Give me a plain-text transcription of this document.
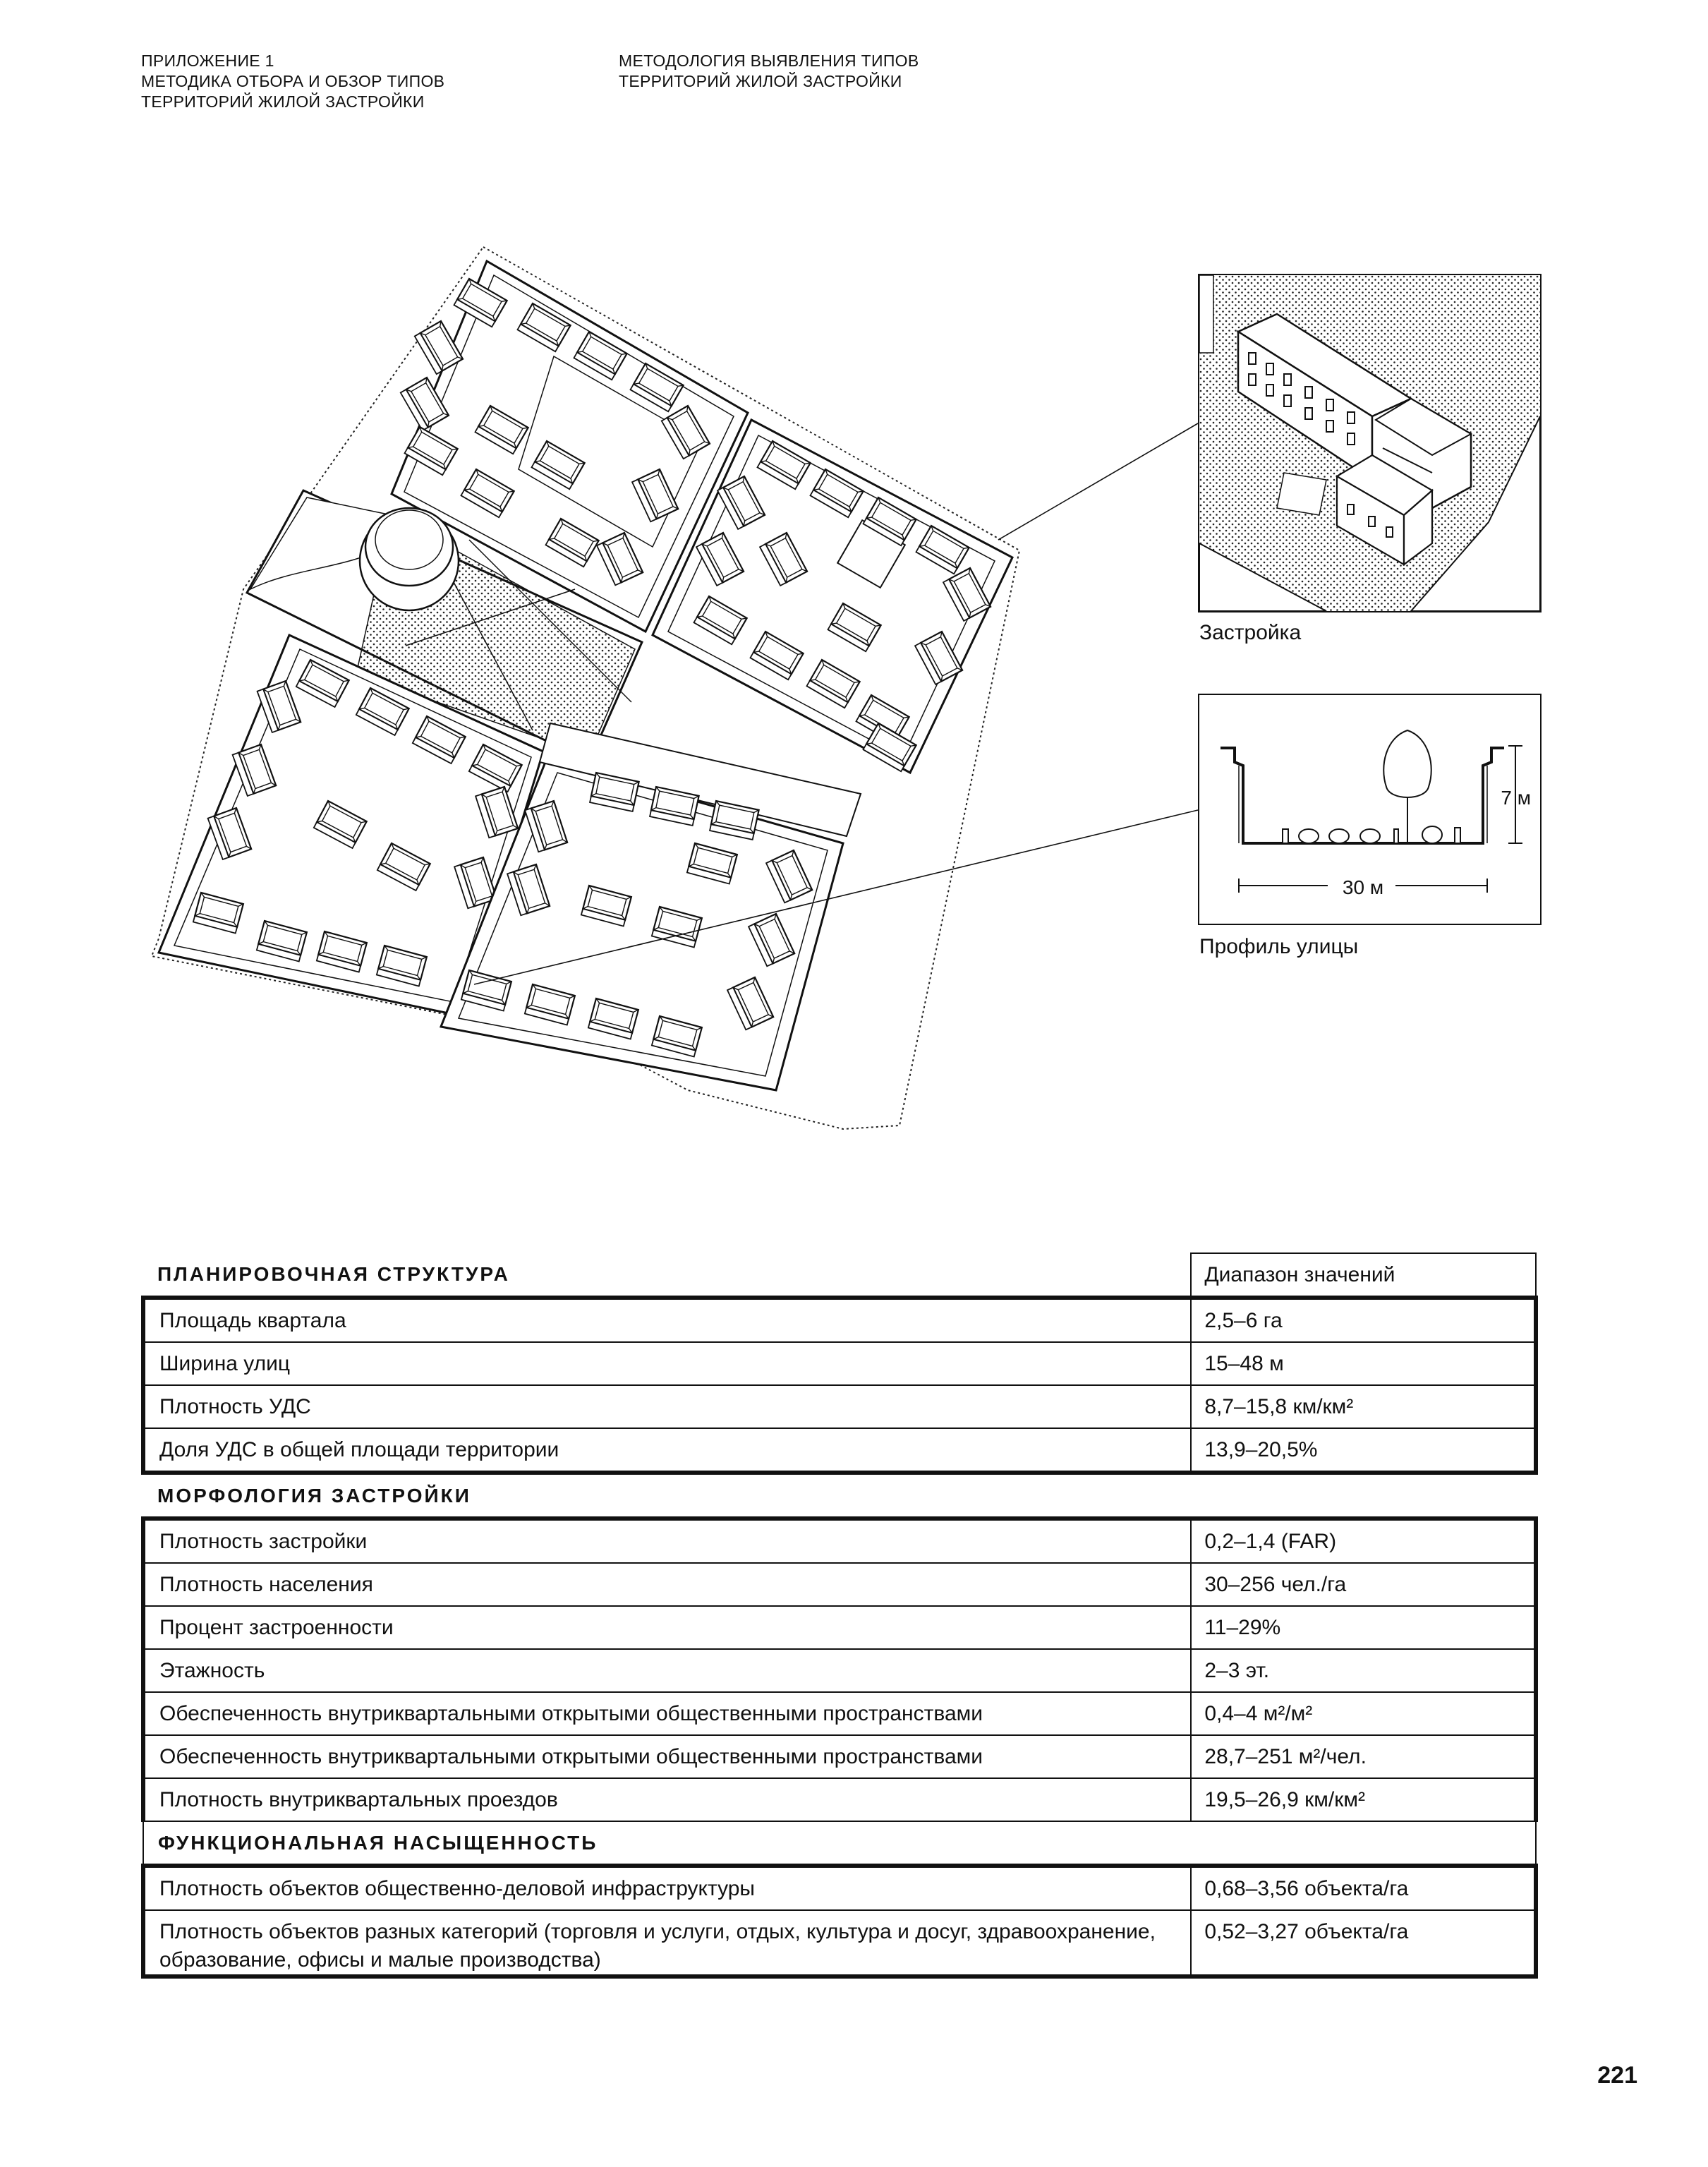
ПРИЛОЖЕНИЕ 1
МЕТОДИКА ОТБОРА И ОБЗОР ТИПОВ
ТЕРРИТОРИЙ ЖИЛОЙ ЗАСТРОЙКИ
МЕТОДОЛОГИЯ ВЫЯВЛЕНИЯ ТИПОВ
ТЕРРИТОРИЙ ЖИЛОЙ ЗАСТРОЙКИ
Застройка
7 м
30 м
Профиль улицы
ПЛАНИРОВОЧНАЯ СТРУКТУРА	Диапазон значений
Площадь квартала	2,5–6 га
Ширина улиц	15–48 м
Плотность УДС	8,7–15,8 км/км²
Доля УДС в общей площади территории	13,9–20,5%
МОРФОЛОГИЯ ЗАСТРОЙКИ	
Плотность застройки	0,2–1,4 (FAR)
Плотность населения	30–256 чел./га
Процент застроенности	11–29%
Этажность	2–3 эт.
Обеспеченность внутриквартальными открытыми общественными пространствами	0,4–4 м²/м²
Обеспеченность внутриквартальными открытыми общественными пространствами	28,7–251 м²/чел.
Плотность внутриквартальных проездов	19,5–26,9 км/км²
ФУНКЦИОНАЛЬНАЯ НАСЫЩЕННОСТЬ	
Плотность объектов общественно-деловой инфраструктуры	0,68–3,56 объекта/га
Плотность объектов разных категорий (торговля и услуги, отдых, культура и досуг, здравоохранение, образование, офисы и малые производства)	0,52–3,27 объекта/га
221
